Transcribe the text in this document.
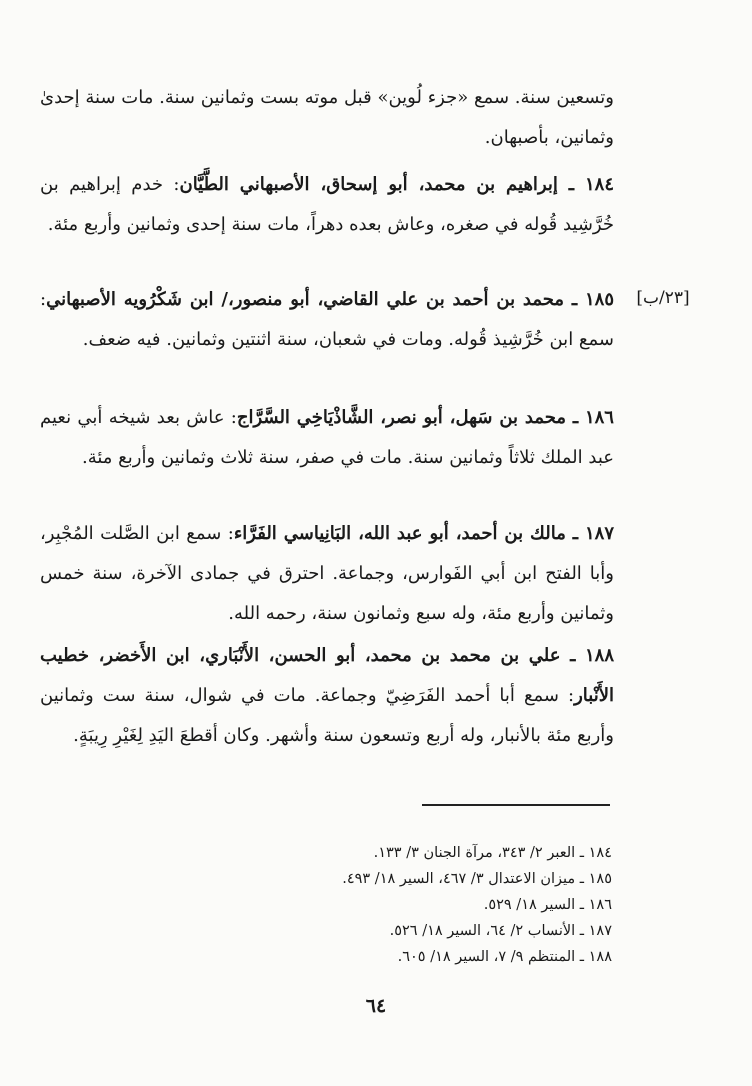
وتسعين سنة. سمع «جزء لُوين» قبل موته بست وثمانين سنة. مات سنة إحدىٰ وثمانين، بأصبهان.

١٨٤ ـ إبراهيم بن محمد، أبو إسحاق، الأصبهاني الطَّيَّان: خدم إبراهيم بن خُرَّشِيد قُوله في صغره، وعاش بعده دهراً، مات سنة إحدى وثمانين وأربع مئة.

١٨٥ ـ محمد بن أحمد بن علي القاضي، أبو منصور،/ ابن شَكْرُويه الأصبهاني: سمع ابن خُرَّشِيذ قُوله. ومات في شعبان، سنة اثنتين وثمانين. فيه ضعف.

[٢٣/ب]

١٨٦ ـ محمد بن سَهل، أبو نصر، الشَّاذْيَاخِي السَّرَّاج: عاش بعد شيخه أبي نعيم عبد الملك ثلاثاً وثمانين سنة. مات في صفر، سنة ثلاث وثمانين وأربع مئة.

١٨٧ ـ مالك بن أحمد، أبو عبد الله، البَانِياسي الفَرَّاء: سمع ابن الصَّلت المُجْبِر، وأبا الفتح ابن أبي الفَوارس، وجماعة. احترق في جمادى الآخرة، سنة خمس وثمانين وأربع مئة، وله سبع وثمانون سنة، رحمه الله.

١٨٨ ـ علي بن محمد بن محمد، أبو الحسن، الأَنْبَاري، ابن الأَخضر، خطيب الأَنْبار: سمع أبا أحمد الفَرَضِيّ وجماعة. مات في شوال، سنة ست وثمانين وأربع مئة بالأنبار، وله أربع وتسعون سنة وأشهر. وكان أقطعَ اليَدِ لِغَيْرِ رِيبَةٍ.

١٨٤ ـ العبر ٢/ ٣٤٣، مرآة الجنان ٣/ ١٣٣.
١٨٥ ـ ميزان الاعتدال ٣/ ٤٦٧، السير ١٨/ ٤٩٣.
١٨٦ ـ السير ١٨/ ٥٢٩.
١٨٧ ـ الأنساب ٢/ ٦٤، السير ١٨/ ٥٢٦.
١٨٨ ـ المنتظم ٩/ ٧، السير ١٨/ ٦٠٥.
٦٤
